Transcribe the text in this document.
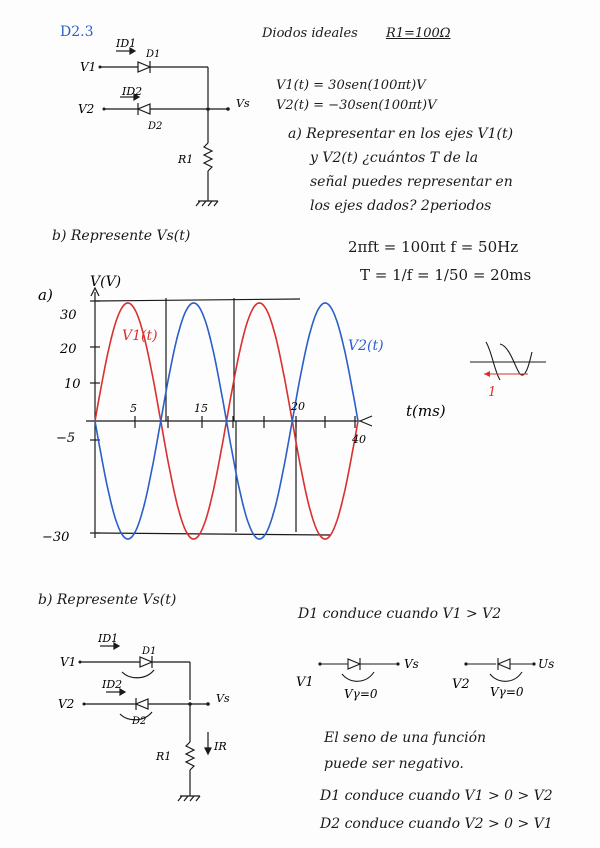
D2.3	Diodos ideales R1=100Ω
V1
V2
ID1
D1
ID2
D2
Vs
R1
V1(t) = 30sen(100πt)V
V2(t) = −30sen(100πt)V
a) Representar en los ejes V1(t)
y V2(t) ¿cuántos T de la
señal puedes representar en
los ejes dados? 2periodos
b) Represente Vs(t)
2πft = 100πt f = 50Hz
T = 1/f = 1/50 = 20ms
a)
V(V)
t(ms)
30
20
10
−5
−30
5	15	20
40
V1(t)
V2(t)
1
b) Represente Vs(t)
D1 conduce cuando V1 > V2
V1
V2
ID1
D1
ID2
D2
Vs
R1
IR
V1
Vs
Vγ=0
V2
Us
Vγ=0
El seno de una función
puede ser negativo.
D1 conduce cuando V1 > 0 > V2
D2 conduce cuando V2 > 0 > V1
